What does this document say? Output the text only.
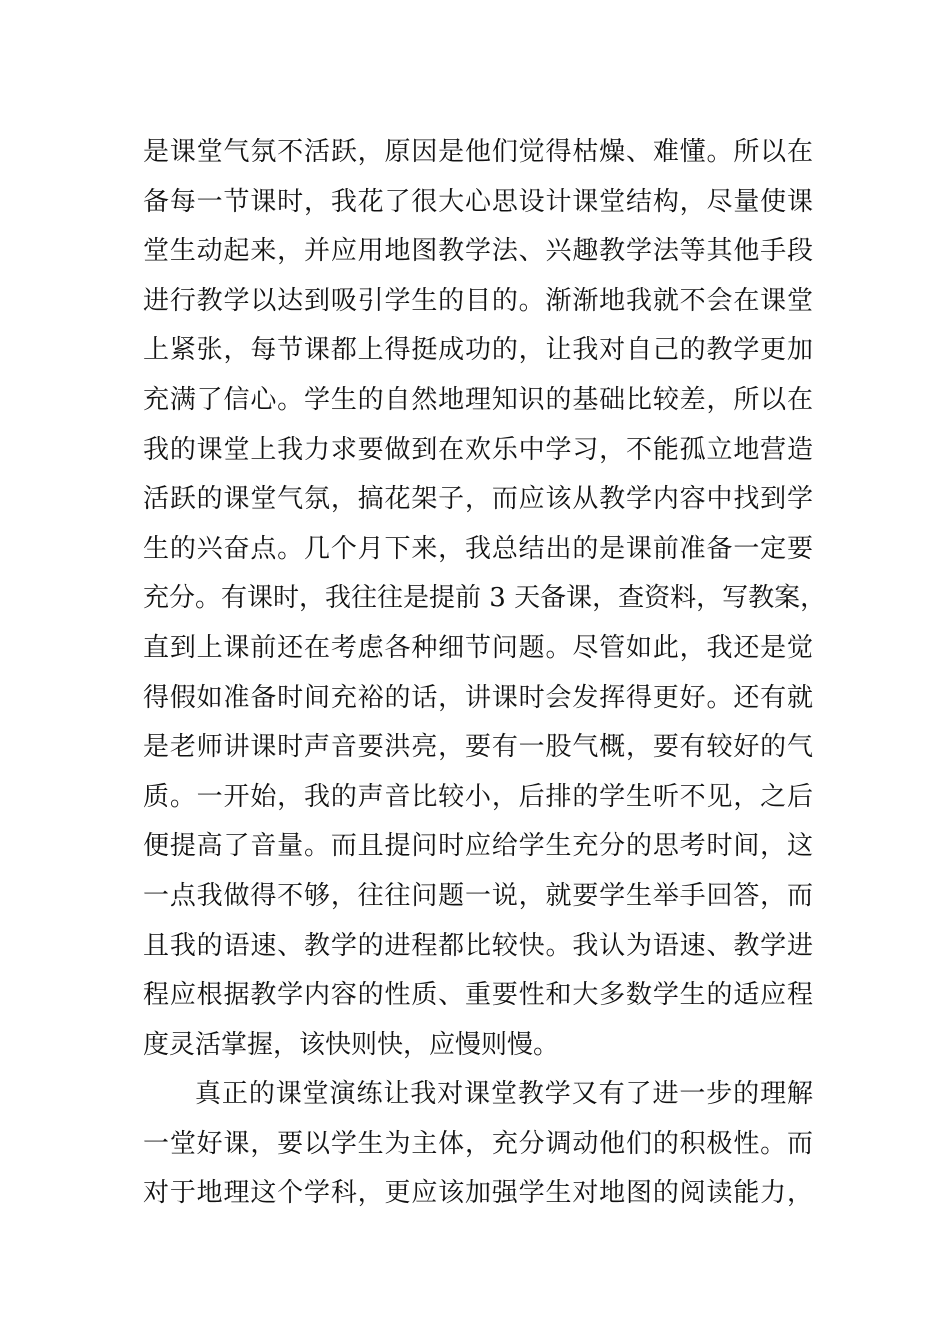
是课堂气氛不活跃，原因是他们觉得枯燥、难懂。所以在
备每一节课时，我花了很大心思设计课堂结构，尽量使课
堂生动起来，并应用地图教学法、兴趣教学法等其他手段
进行教学以达到吸引学生的目的。渐渐地我就不会在课堂
上紧张，每节课都上得挺成功的，让我对自己的教学更加
充满了信心。学生的自然地理知识的基础比较差，所以在
我的课堂上我力求要做到在欢乐中学习，不能孤立地营造
活跃的课堂气氛，搞花架子，而应该从教学内容中找到学
生的兴奋点。几个月下来，我总结出的是课前准备一定要
充分。有课时，我往往是提前 3 天备课，查资料，写教案，
直到上课前还在考虑各种细节问题。尽管如此，我还是觉
得假如准备时间充裕的话，讲课时会发挥得更好。还有就
是老师讲课时声音要洪亮，要有一股气概，要有较好的气
质。一开始，我的声音比较小，后排的学生听不见，之后
便提高了音量。而且提问时应给学生充分的思考时间，这
一点我做得不够，往往问题一说，就要学生举手回答，而
且我的语速、教学的进程都比较快。我认为语速、教学进
程应根据教学内容的性质、重要性和大多数学生的适应程
度灵活掌握，该快则快，应慢则慢。
真正的课堂演练让我对课堂教学又有了进一步的理解
一堂好课，要以学生为主体，充分调动他们的积极性。而
对于地理这个学科，更应该加强学生对地图的阅读能力，
